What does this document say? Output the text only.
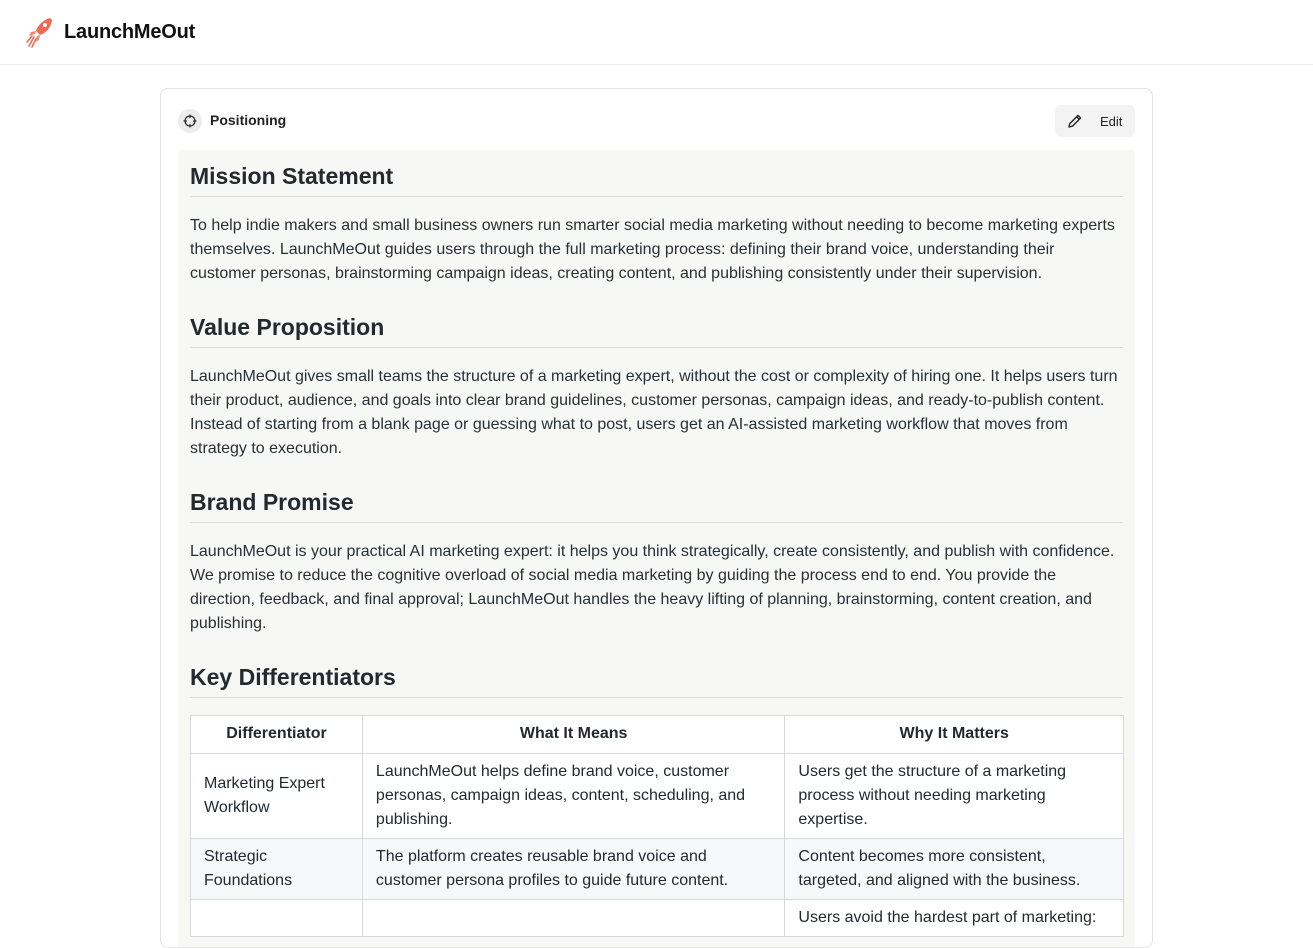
LaunchMeOut
Positioning	Edit
Mission Statement

To help indie makers and small business owners run smarter social media marketing without needing to become marketing experts themselves. LaunchMeOut guides users through the full marketing process: defining their brand voice, understanding their customer personas, brainstorming campaign ideas, creating content, and publishing consistently under their supervision.

Value Proposition

LaunchMeOut gives small teams the structure of a marketing expert, without the cost or complexity of hiring one. It helps users turn their product, audience, and goals into clear brand guidelines, customer personas, campaign ideas, and ready-to-publish content. Instead of starting from a blank page or guessing what to post, users get an AI-assisted marketing workflow that moves from strategy to execution.

Brand Promise

LaunchMeOut is your practical AI marketing expert: it helps you think strategically, create consistently, and publish with confidence. We promise to reduce the cognitive overload of social media marketing by guiding the process end to end. You provide the direction, feedback, and final approval; LaunchMeOut handles the heavy lifting of planning, brainstorming, content creation, and publishing.

Key Differentiators
Differentiator	What It Means	Why It Matters
Marketing Expert Workflow	LaunchMeOut helps define brand voice, customer personas, campaign ideas, content, scheduling, and publishing.	Users get the structure of a marketing process without needing marketing expertise.
Strategic Foundations	The platform creates reusable brand voice and customer persona profiles to guide future content.	Content becomes more consistent, targeted, and aligned with the business.
		Users avoid the hardest part of marketing:
